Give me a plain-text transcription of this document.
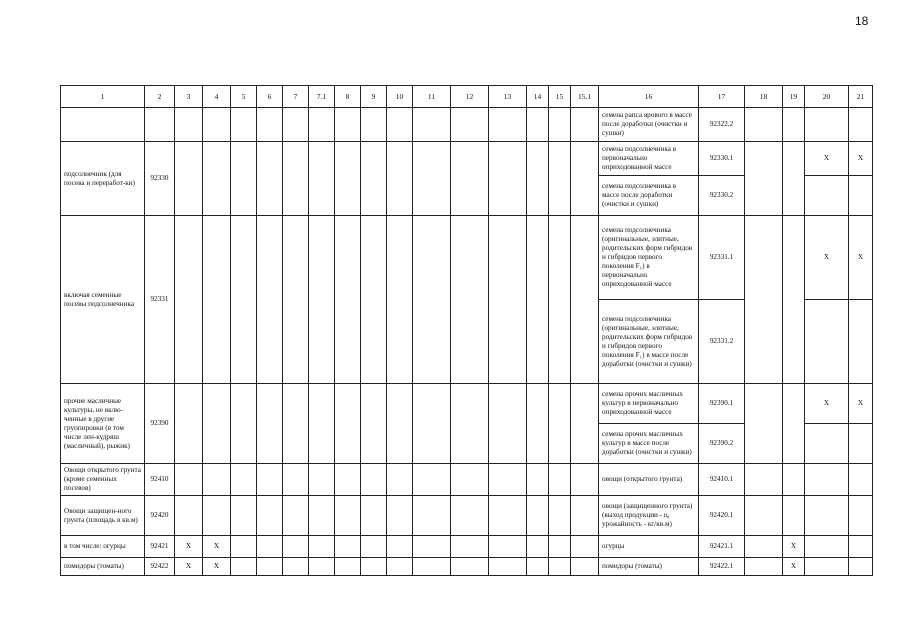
18
1	2	3	4	5	6	7	7.1	8	9	10	11	12	13	14	15	15.1	16	17	18	19	20	21
																	семена рапса ярового в массе после доработки (очистки и сушки)	92322.2				
подсолнечник (для посева и переработ-ки)	92330																семена подсолнечника в первоначально оприходованной массе	92330.1			X	X
																	семена подсолнечника в массе после доработки (очистки и сушки)	92330.2				
включая семенные посевы подсолнечника	92331																семена подсолнечника (оригинальные, элитные, родительских форм гибридов и гибридов первого поколения F₁) в первоначально оприходованной массе	92331.1			X	X
																	семена подсолнечника (оригинальные, элитные, родительских форм гибридов и гибридов первого поколения F₁) в массе после доработки (очистки и сушки)	92331.2				
прочие масличные культуры, не вклю-ченные в другие группировки (в том числе лен-кудряш (масличный), рыжик)	92390																семена прочих масличных культур в первоначально оприходованной массе	92390.1			X	X
																	семена прочих масличных культур в массе после доработки (очистки и сушки)	92390.2				
Овощи открытого грунта (кроме семенных посевов)	92410																овощи (открытого грунта)	92410.1				
Овощи защищен-ного грунта (площадь в кв.м)	92420																овощи (защищенного грунта) (выход продукции - ц, урожайность - кг/кв.м)	92420.1				
в том числе: огурцы	92421	X	X														огурцы	92421.1		X		
помидоры (томаты)	92422	X	X														помидоры (томаты)	92422.1		X		
